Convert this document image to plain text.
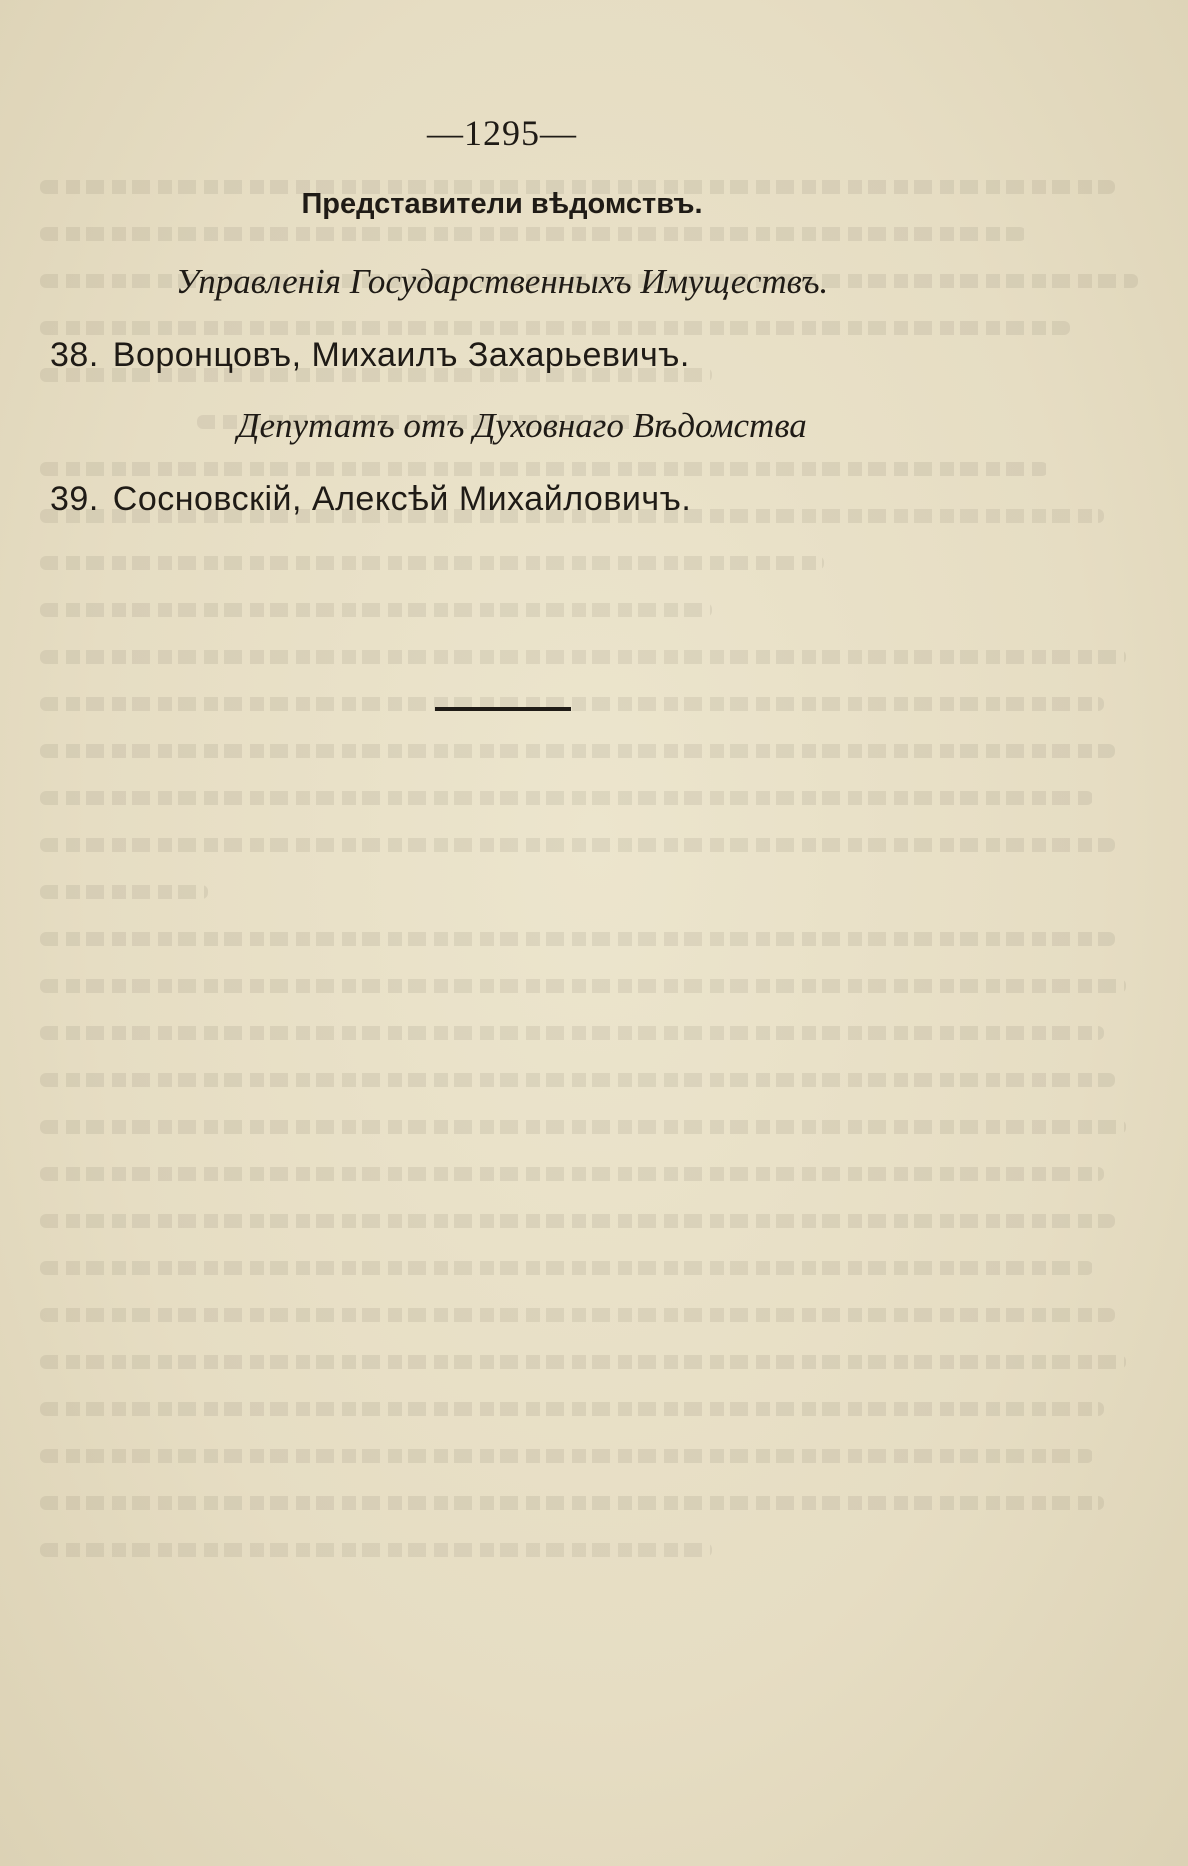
—1295—
Представители вѣдомствъ.
Управленія Государственныхъ Имуществъ.
38. Воронцовъ, Михаилъ Захарьевичъ.
Депутатъ отъ Духовнаго Вѣдомства
39. Сосновскій, Алексѣй Михайловичъ.
